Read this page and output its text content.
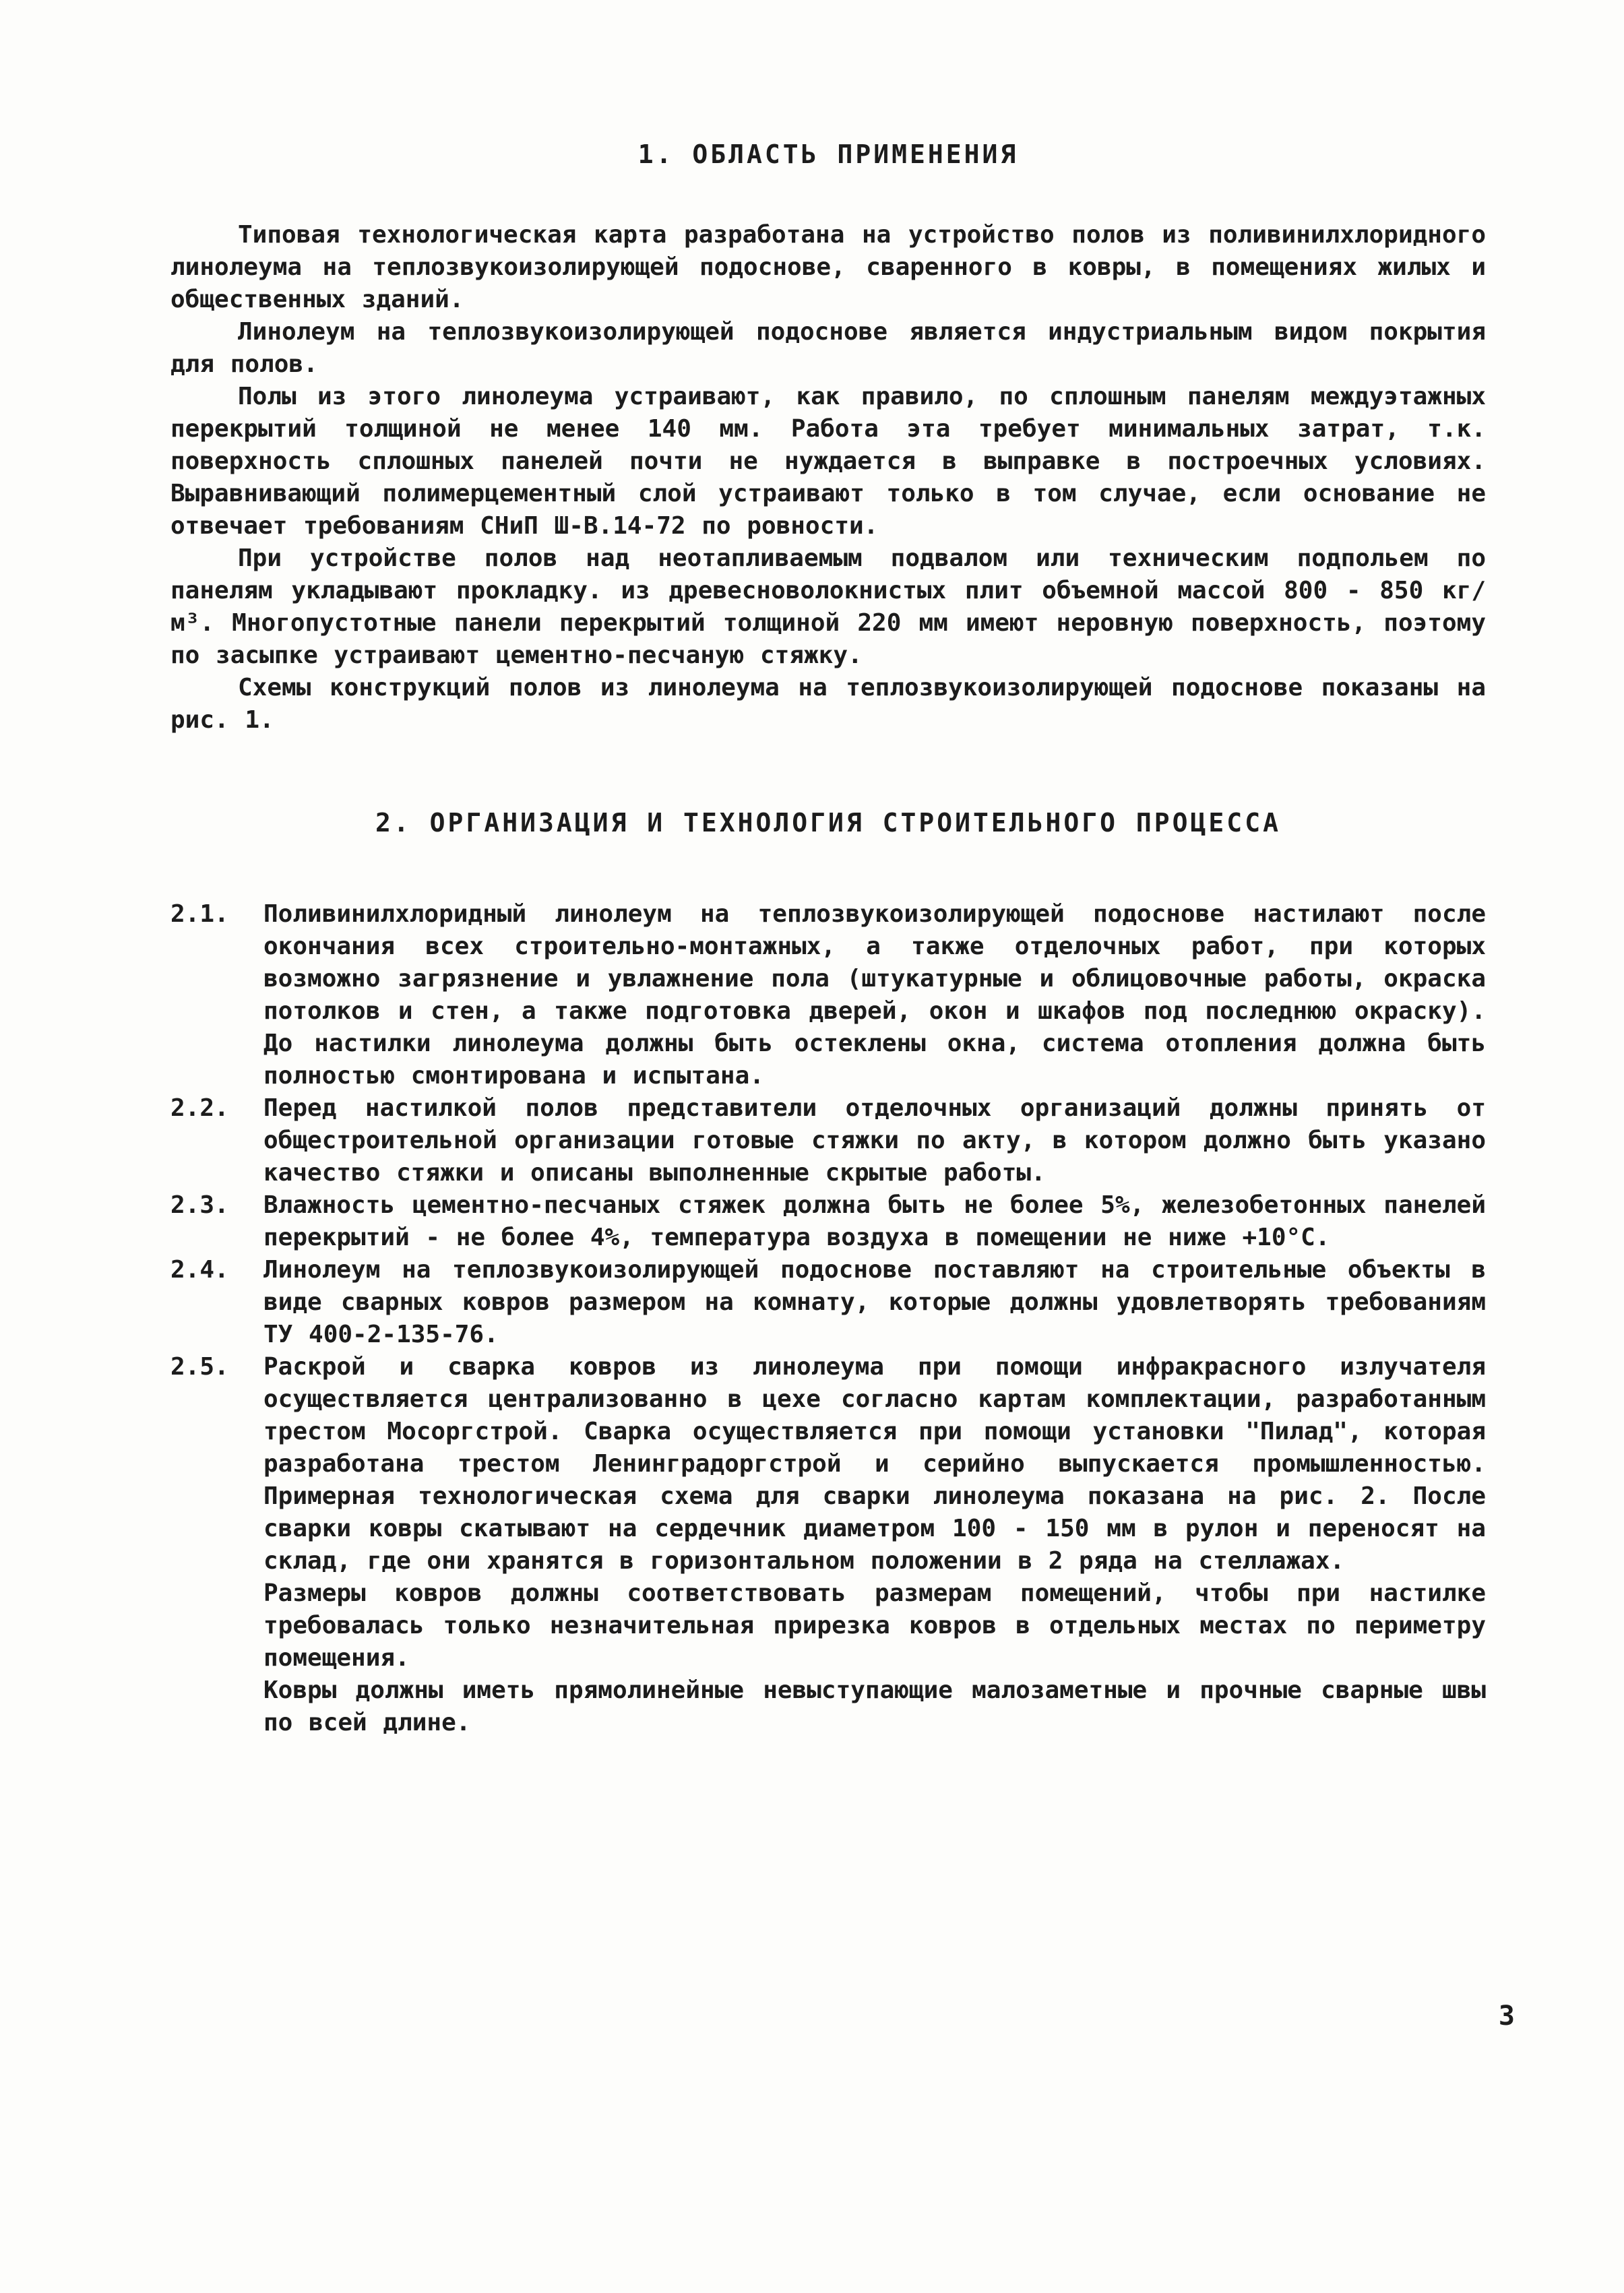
1. ОБЛАСТЬ ПРИМЕНЕНИЯ

Типовая технологическая карта разработана на устройство полов из поливинилхлоридного линолеума на теплозвукоизолирующей подоснове, сваренного в ковры, в помещениях жилых и общественных зданий.

Линолеум на теплозвукоизолирующей подоснове является индустриальным видом покрытия для полов.

Полы из этого линолеума устраивают, как правило, по сплошным панелям междуэтажных перекрытий толщиной не менее 140 мм. Работа эта требует минимальных затрат, т.к. поверхность сплошных панелей почти не нуждается в выправке в построечных условиях. Выравнивающий полимерцементный слой устраивают только в том случае, если основание не отвечает требованиям СНиП Ш-В.14-72 по ровности.

При устройстве полов над неотапливаемым подвалом или техническим подпольем по панелям укладывают прокладку. из древесноволокнистых плит объемной массой 800 - 850 кг/м³. Многопустотные панели перекрытий толщиной 220 мм имеют неровную поверхность, поэтому по засыпке устраивают цементно-песчаную стяжку.

Схемы конструкций полов из линолеума на теплозвукоизолирующей подоснове показаны на рис. 1.

2. ОРГАНИЗАЦИЯ И ТЕХНОЛОГИЯ СТРОИТЕЛЬНОГО ПРОЦЕССА
2.1.	Поливинилхлоридный линолеум на теплозвукоизолирующей подоснове настилают после окончания всех строительно-монтажных, а также отделочных работ, при которых возможно загрязнение и увлажнение пола (штукатурные и облицовочные работы, окраска потолков и стен, а также подготовка дверей, окон и шкафов под последнюю окраску). До настилки линолеума должны быть остеклены окна, система отопления должна быть полностью смонтирована и испытана.

2.2.	Перед настилкой полов представители отделочных организаций должны принять от общестроительной организации готовые стяжки по акту, в котором должно быть указано качество стяжки и описаны выполненные скрытые работы.

2.3.	Влажность цементно-песчаных стяжек должна быть не более 5%, железобетонных панелей перекрытий - не более 4%, температура воздуха в помещении не ниже +10°С.

2.4.	Линолеум на теплозвукоизолирующей подоснове поставляют на строительные объекты в виде сварных ковров размером на комнату, которые должны удовлетворять требованиям ТУ 400-2-135-76.

2.5.	Раскрой и сварка ковров из линолеума при помощи инфракрасного излучателя осуществляется централизованно в цехе согласно картам комплектации, разработанным трестом Мосоргстрой. Сварка осуществляется при помощи установки "Пилад", которая разработана трестом Ленинградоргстрой и серийно выпускается промышленностью. Примерная технологическая схема для сварки линолеума показана на рис. 2. После сварки ковры скатывают на сердечник диаметром 100 - 150 мм в рулон и переносят на склад, где они хранятся в горизонтальном положении в 2 ряда на стеллажах.

Размеры ковров должны соответствовать размерам помещений, чтобы при настилке требовалась только незначительная прирезка ковров в отдельных местах по периметру помещения.

Ковры должны иметь прямолинейные невыступающие малозаметные и прочные сварные швы по всей длине.

3
